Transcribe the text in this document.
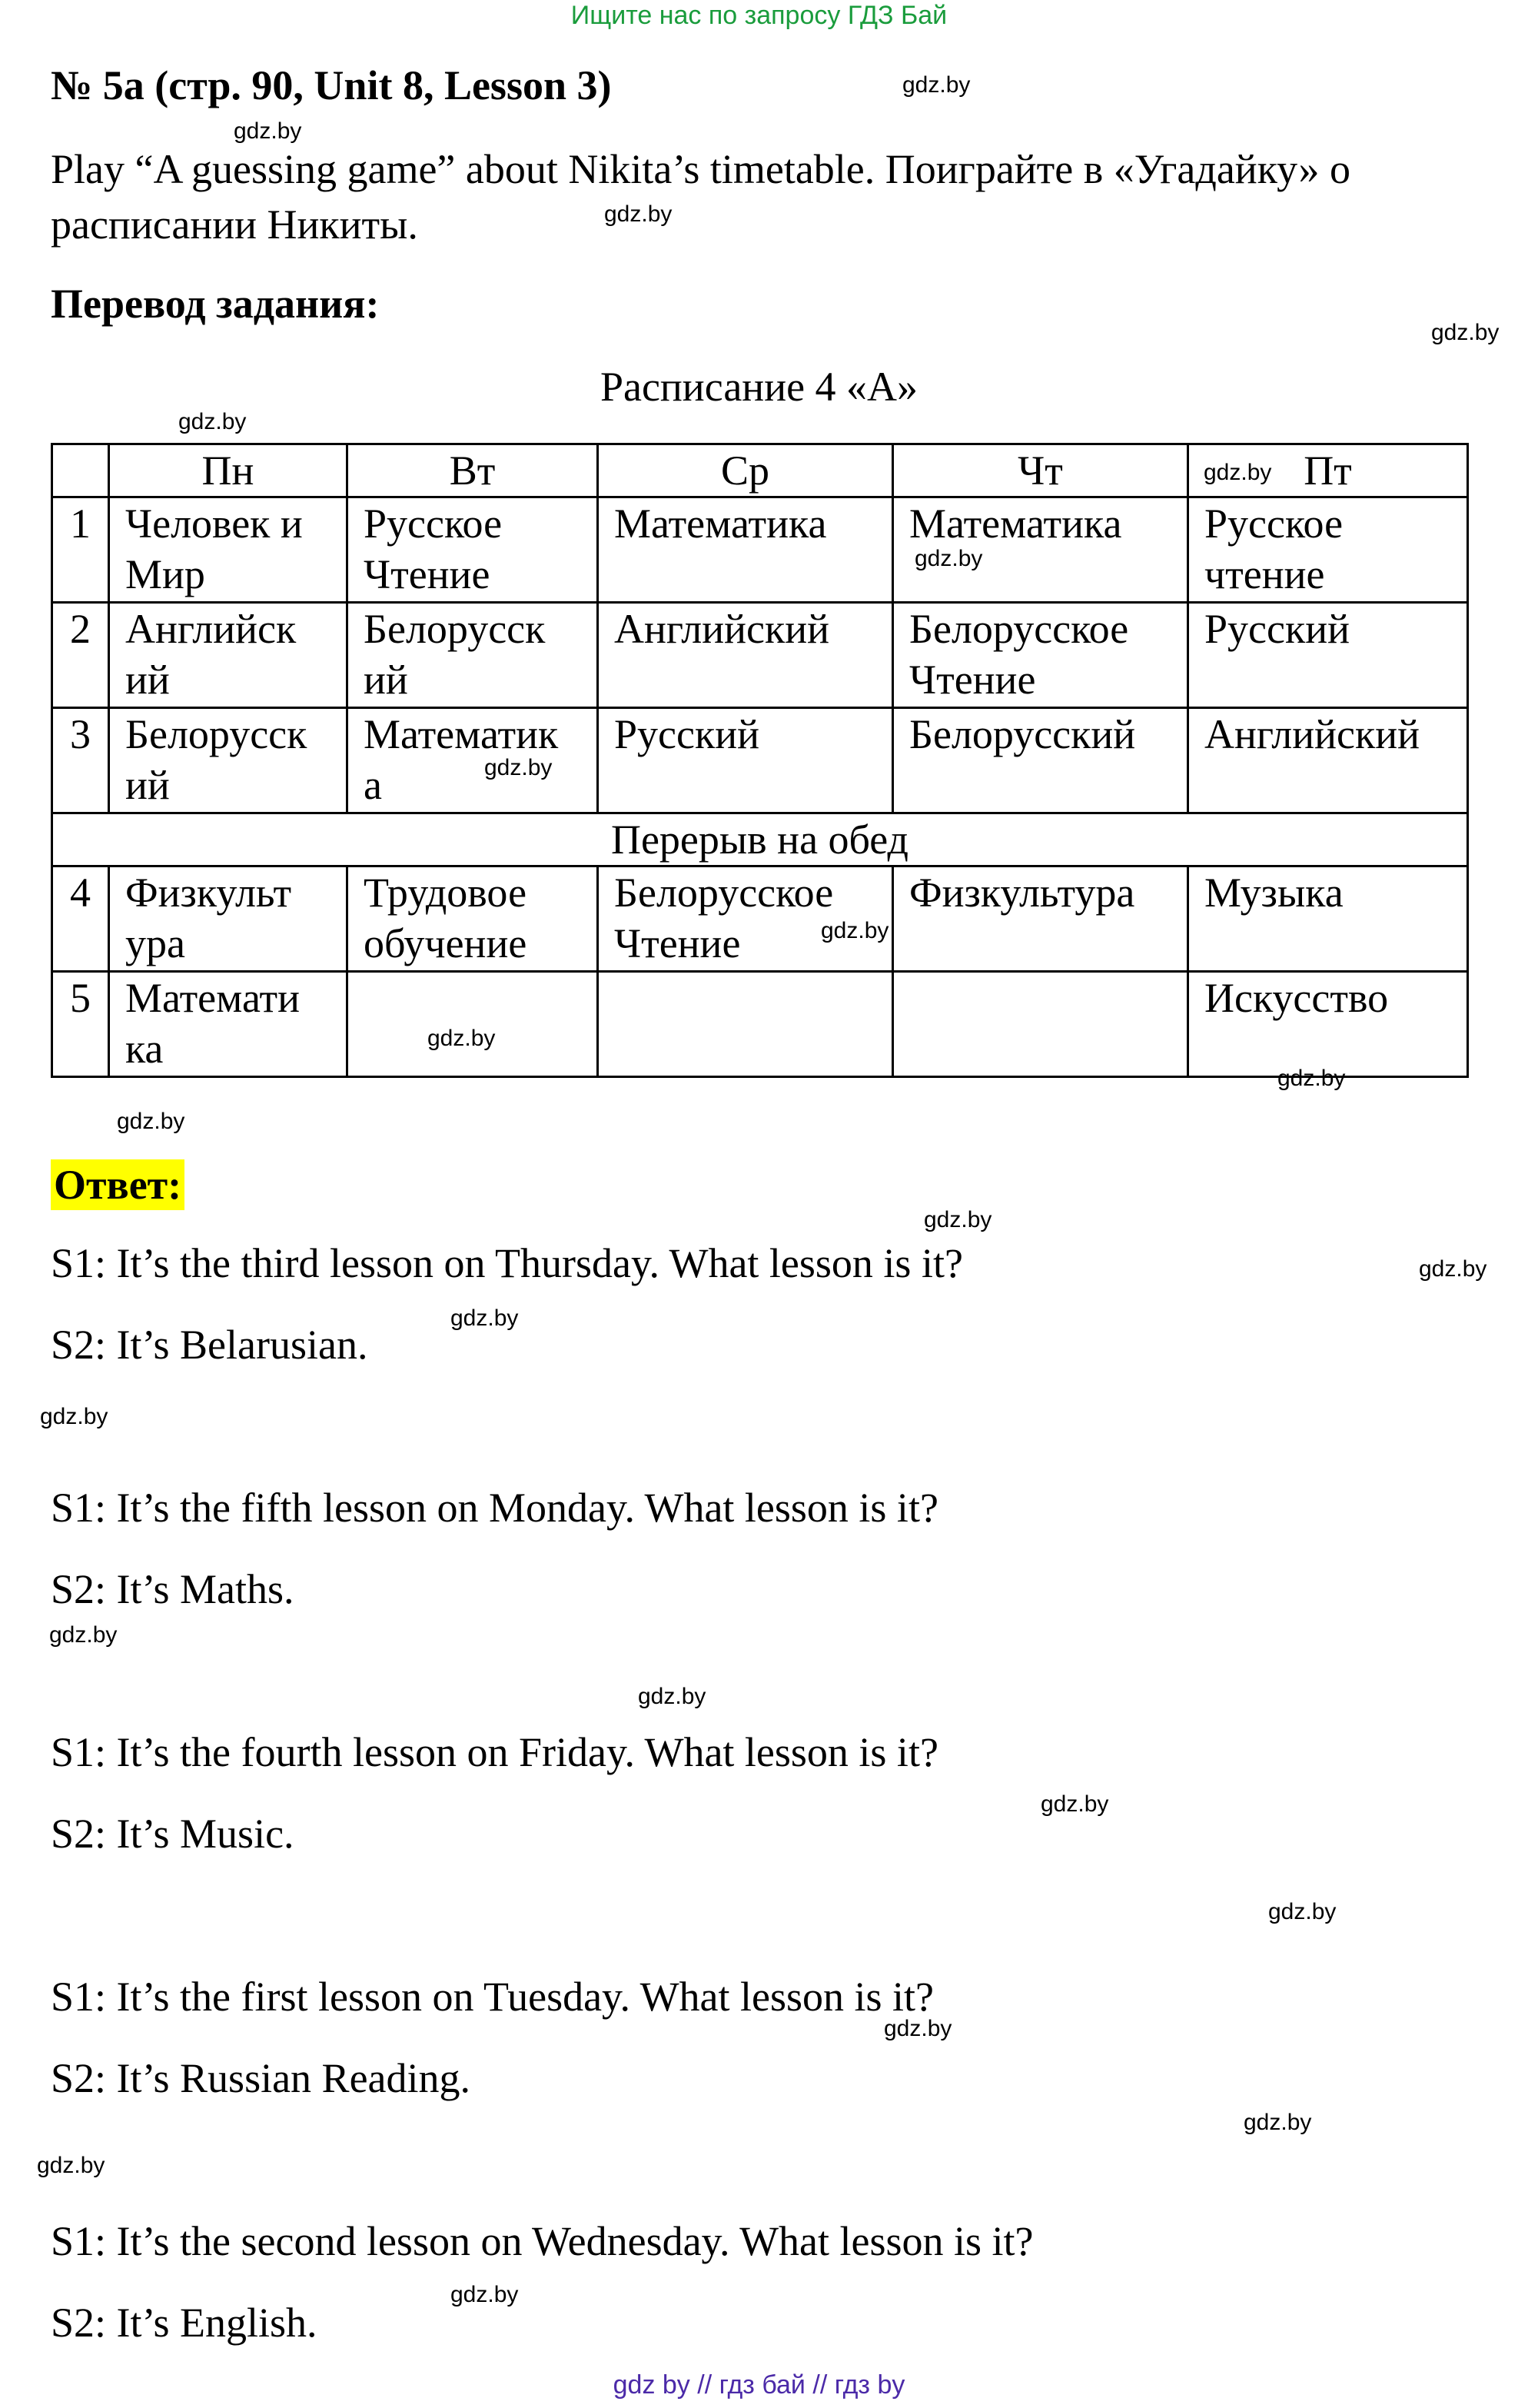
Ищите нас по запросу ГДЗ Бай
№ 5а (стр. 90, Unit 8, Lesson 3)
Play “A guessing game” about Nikita’s timetable. Поиграйте в «Угадайку» о расписании Никиты.
Перевод задания:
Расписание 4 «А»
	Пн	Вт	Ср	Чт	Пт
1	Человек и Мир	Русское Чтение	Математика	Математика	Русское чтение
2	Английск ий	Белорусск ий	Английский	Белорусское Чтение	Русский
3	Белорусск ий	Математик а	Русский	Белорусский	Английский
Перерыв на обед					
4	Физкульт ура	Трудовое обучение	Белорусское Чтение	Физкультура	Музыка
5	Математи ка				Искусство
Ответ:
S1: It’s the third lesson on Thursday. What lesson is it?
S2: It’s Belarusian.
S1: It’s the fifth lesson on Monday. What lesson is it?
S2: It’s Maths.
S1: It’s the fourth lesson on Friday. What lesson is it?
S2: It’s Music.
S1: It’s the first lesson on Tuesday. What lesson is it?
S2: It’s Russian Reading.
S1: It’s the second lesson on Wednesday. What lesson is it?
S2: It’s English.
gdz.by
gdz.by
gdz.by
gdz.by
gdz.by
gdz.by
gdz.by
gdz.by
gdz.by
gdz.by
gdz.by
gdz.by
gdz.by
gdz.by
gdz.by
gdz.by
gdz.by
gdz.by
gdz.by
gdz.by
gdz.by
gdz.by
gdz.by
gdz.by
gdz by // гдз бай // гдз by
